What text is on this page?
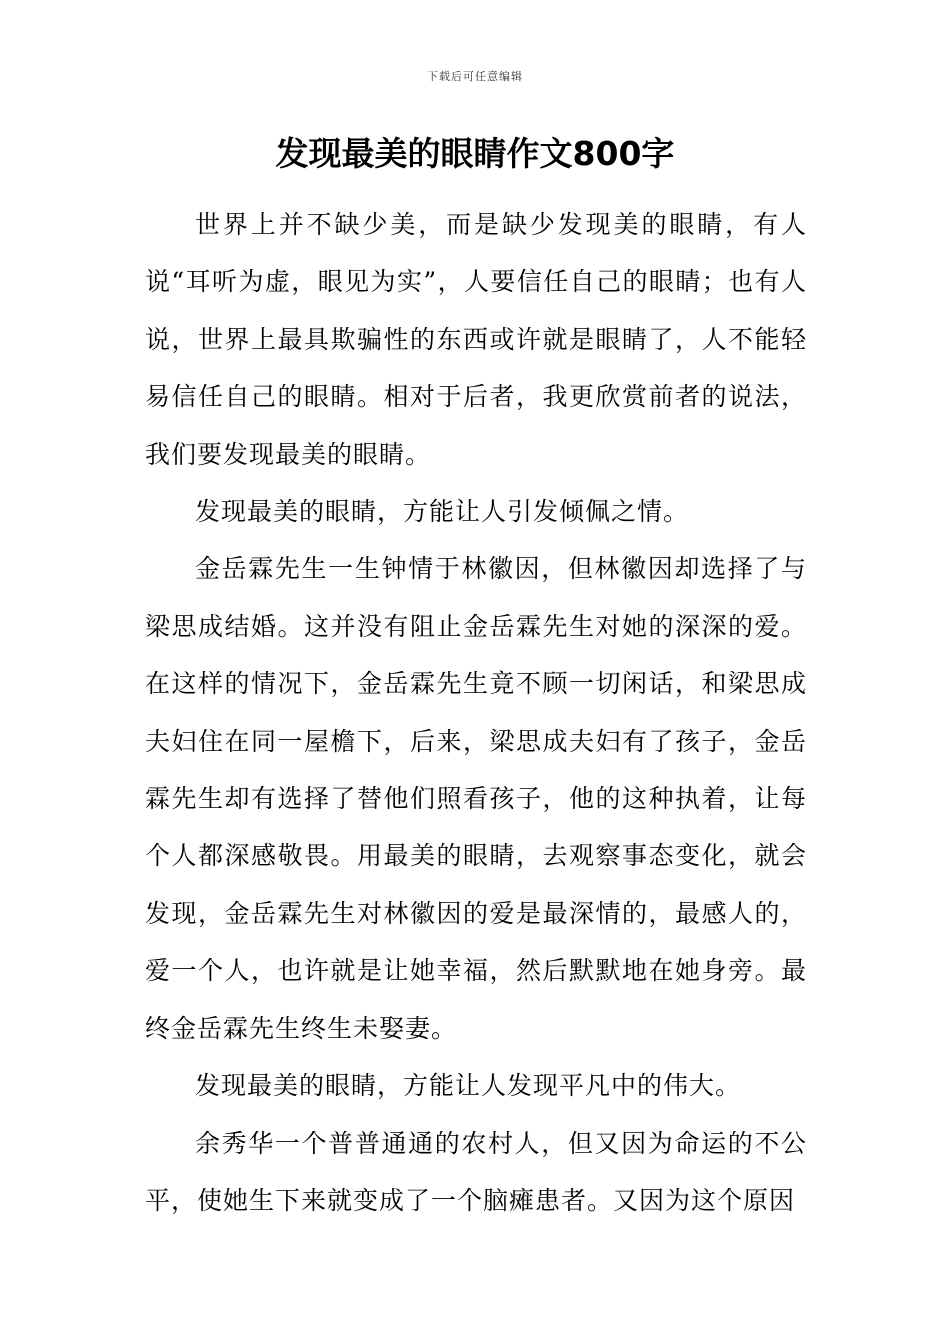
下载后可任意编辑
发现最美的眼睛作文800字

世界上并不缺少美，而是缺少发现美的眼睛，有人说“耳听为虚，眼见为实”，人要信任自己的眼睛；也有人说，世界上最具欺骗性的东西或许就是眼睛了，人不能轻易信任自己的眼睛。相对于后者，我更欣赏前者的说法，我们要发现最美的眼睛。

发现最美的眼睛，方能让人引发倾佩之情。

金岳霖先生一生钟情于林徽因，但林徽因却选择了与梁思成结婚。这并没有阻止金岳霖先生对她的深深的爱。在这样的情况下，金岳霖先生竟不顾一切闲话，和梁思成夫妇住在同一屋檐下，后来，梁思成夫妇有了孩子，金岳霖先生却有选择了替他们照看孩子，他的这种执着，让每个人都深感敬畏。用最美的眼睛，去观察事态变化，就会发现，金岳霖先生对林徽因的爱是最深情的，最感人的，爱一个人，也许就是让她幸福，然后默默地在她身旁。最终金岳霖先生终生未娶妻。

发现最美的眼睛，方能让人发现平凡中的伟大。

余秀华一个普普通通的农村人，但又因为命运的不公平，使她生下来就变成了一个脑瘫患者。又因为这个原因
